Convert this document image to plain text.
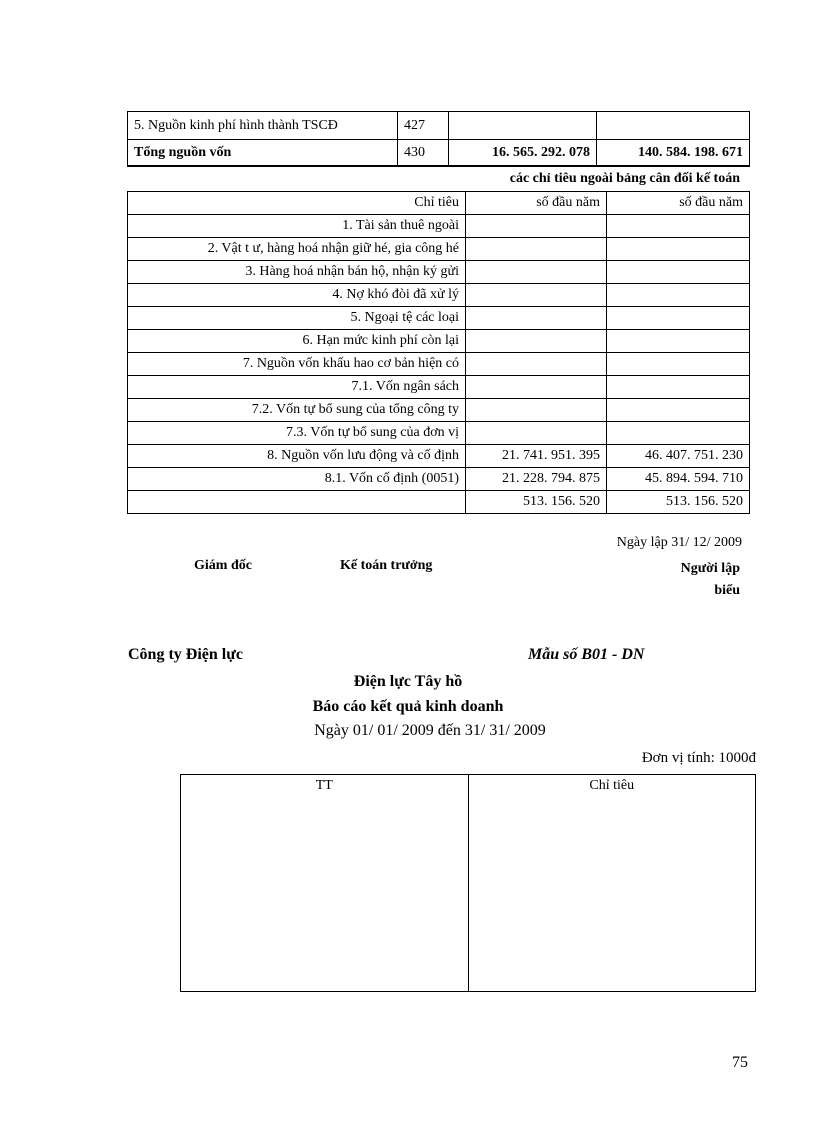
5. Nguồn kinh phí hình thành TSCĐ	427		
Tổng nguồn vốn	430	16. 565. 292. 078	140. 584. 198. 671
các chỉ tiêu ngoài bảng cân đối kế toán
Chỉ tiêu	số đầu năm	số đầu năm
1. Tài sản thuê ngoài		
2. Vật t ư, hàng hoá nhận giữ hé, gia công hé		
3. Hàng hoá nhận bán hộ, nhận ký gửi		
4. Nợ khó đòi đã xử lý		
5. Ngoại tệ các loại		
6. Hạn mức kinh phí còn lại		
7. Nguồn vốn khấu hao cơ bản hiện có		
7.1. Vốn ngân sách		
7.2. Vốn tự bổ sung của tổng công ty		
7.3. Vốn tự bổ sung của đơn vị		
8. Nguồn vốn lưu động và cố định	21. 741. 951. 395	46. 407. 751. 230
8.1. Vốn cố định (0051)	21. 228. 794. 875	45. 894. 594. 710
	513. 156. 520	513. 156. 520
Ngày lập 31/ 12/ 2009
Giám đốc	Kế toán trưởng	Người lập
biểu
Công ty Điện lực	Mẫu số B01 - DN
Điện lực Tây hồ
Báo cáo kết quả kinh doanh
Ngày 01/ 01/ 2009 đến 31/ 31/ 2009
Đơn vị tính: 1000đ
TT	Chỉ tiêu
75
